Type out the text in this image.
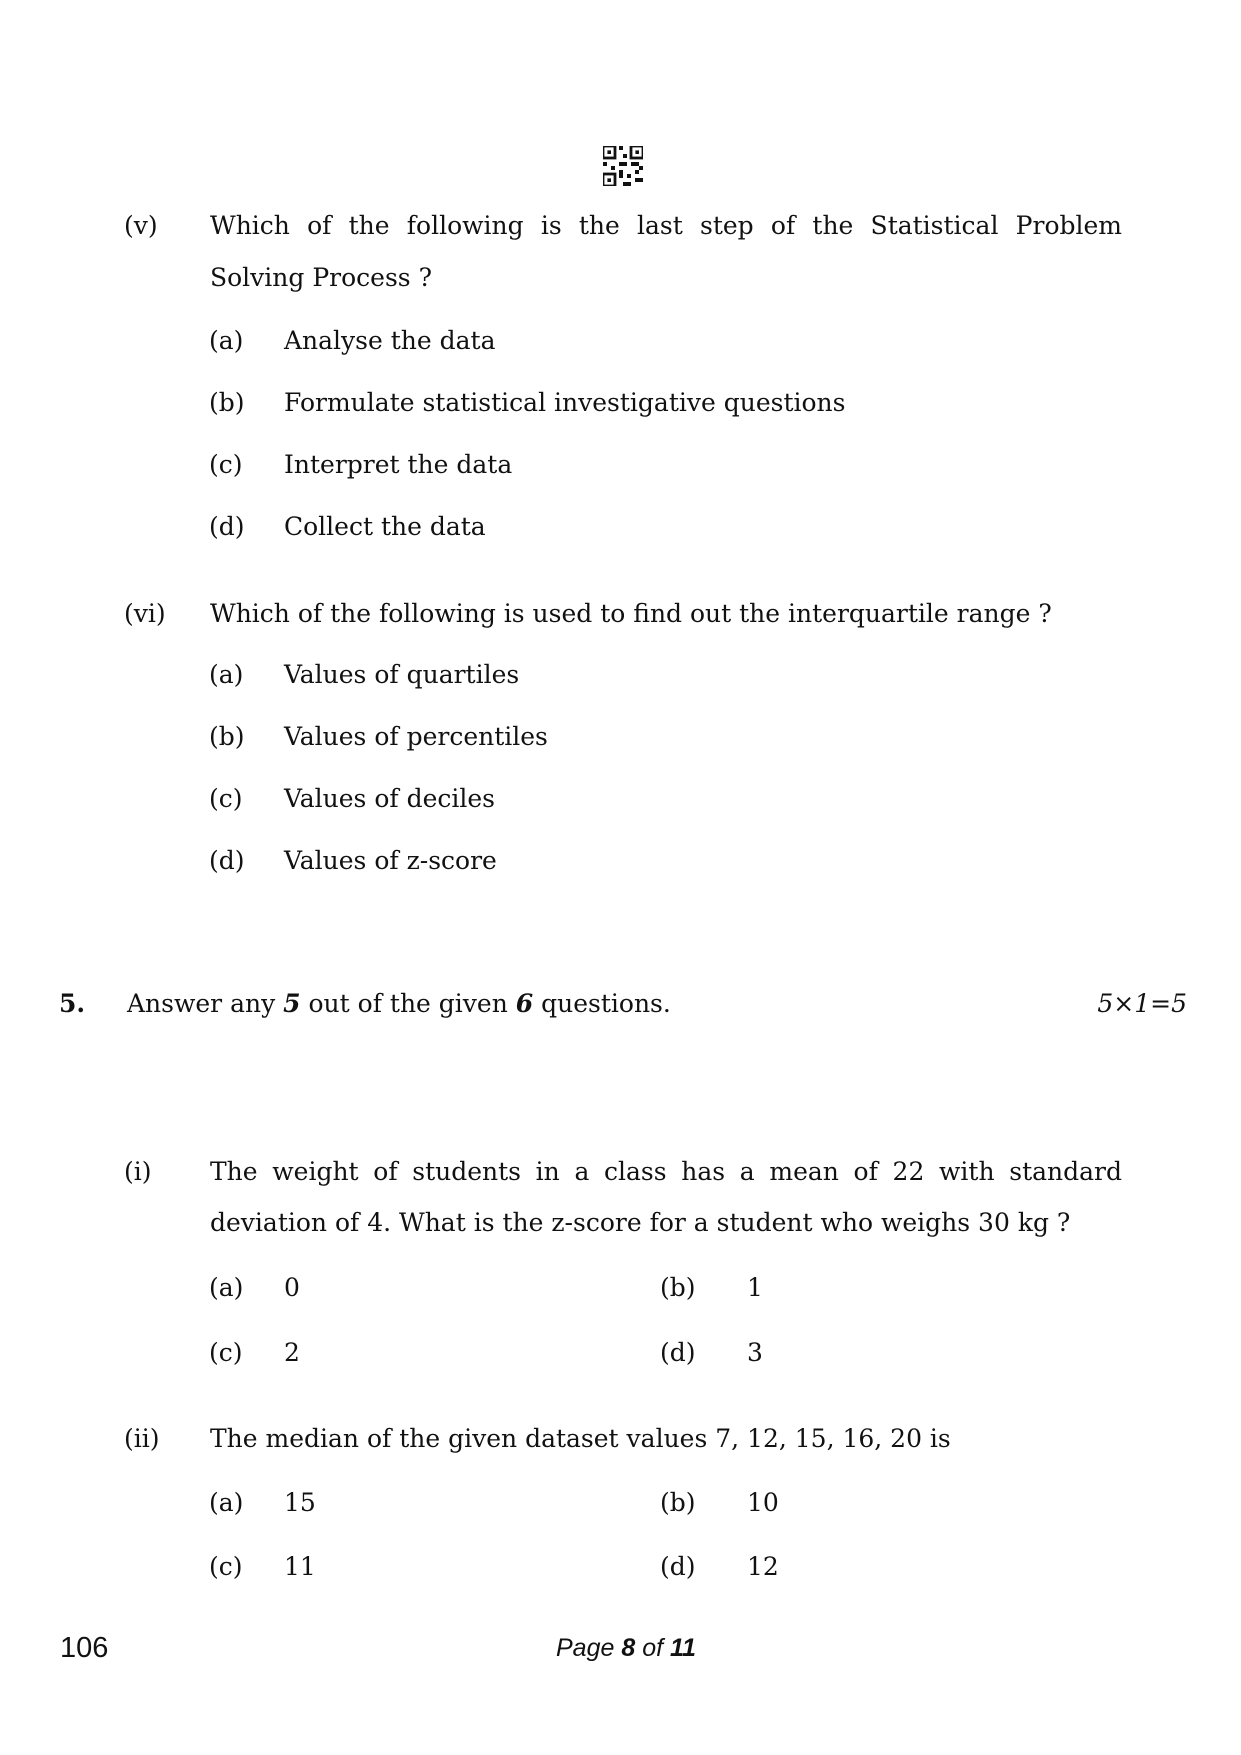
(v) Which of the following is the last step of the Statistical Problem
Solving Process ?
(a) Analyse the data
(b) Formulate statistical investigative questions
(c) Interpret the data
(d) Collect the data
(vi) Which of the following is used to find out the interquartile range ?
(a) Values of quartiles
(b) Values of percentiles
(c) Values of deciles
(d) Values of z-score
5. Answer any 5 out of the given 6 questions.	5×1=5
(i) The weight of students in a class has a mean of 22 with standard
deviation of 4. What is the z-score for a student who weighs 30 kg ?
(a) 0	(b) 1
(c) 2	(d) 3
(ii) The median of the given dataset values 7, 12, 15, 16, 20 is
(a) 15	(b) 10
(c) 11	(d) 12
106	Page 8 of 11
